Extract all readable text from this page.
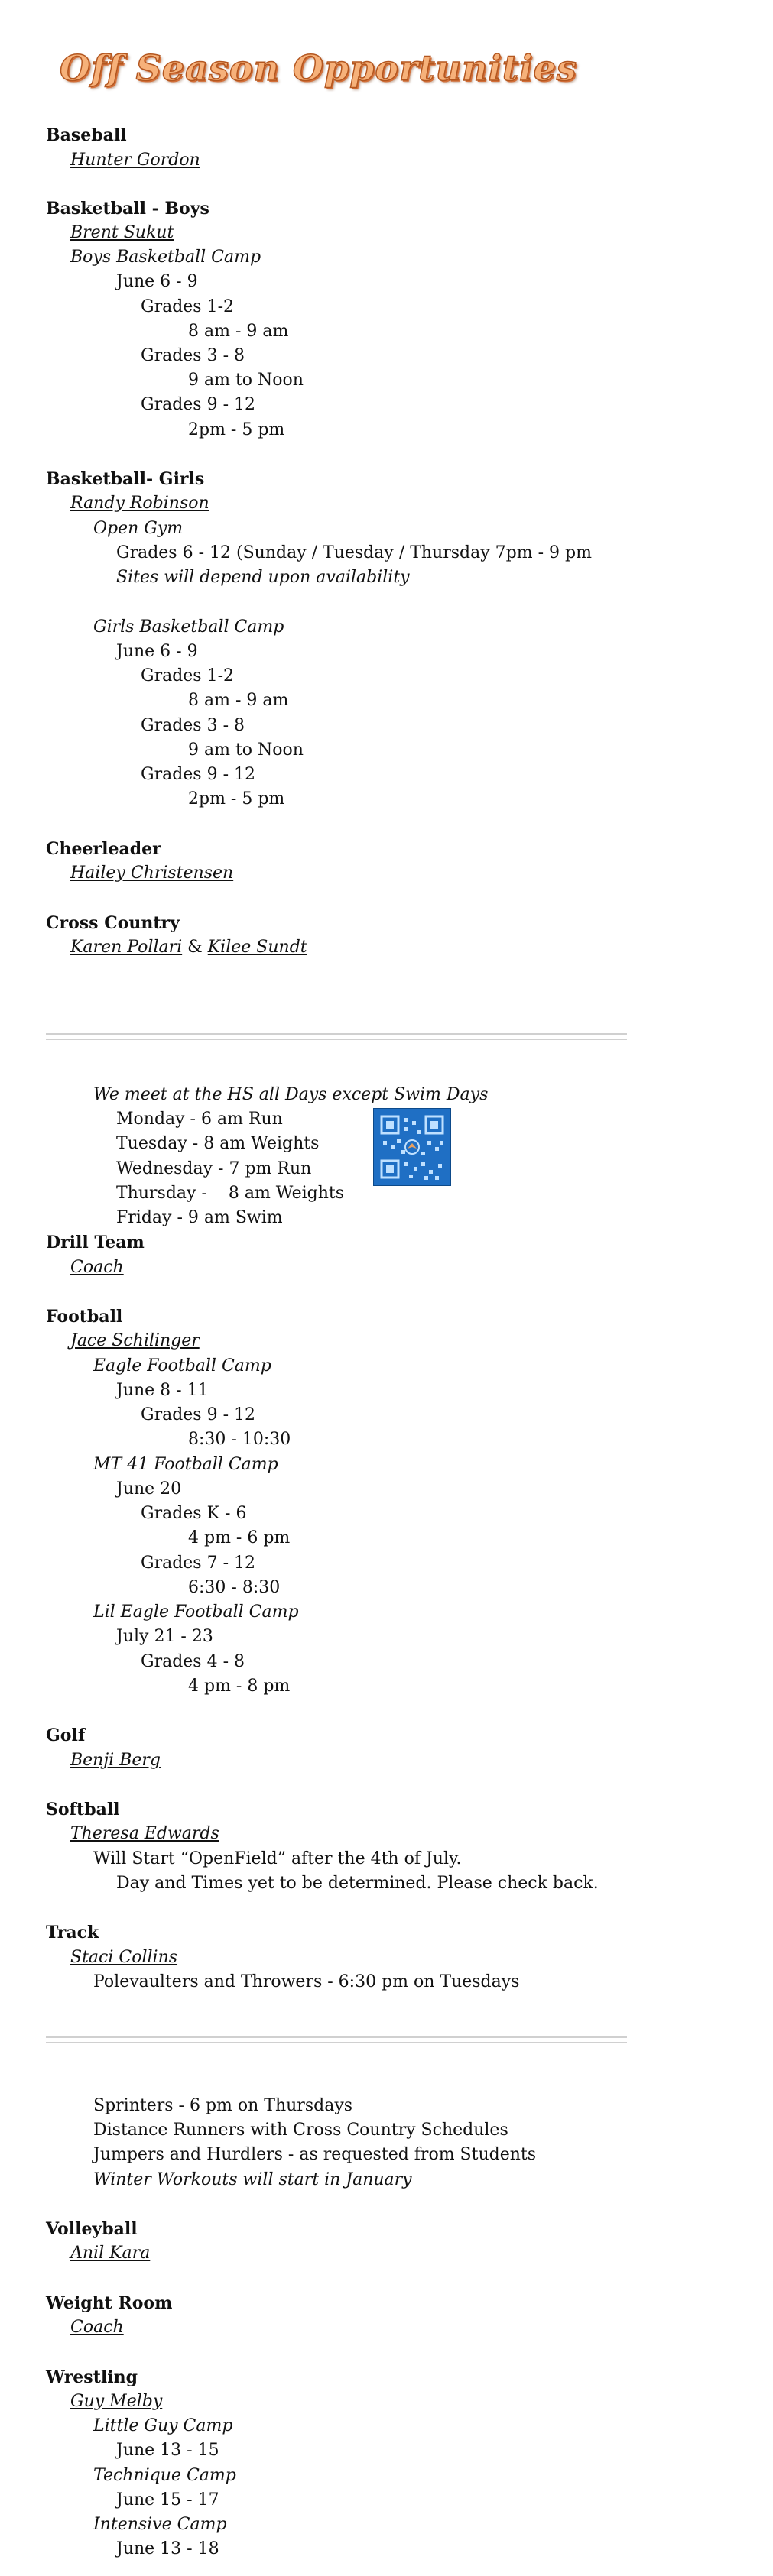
Off Season Opportunities
Baseball
Hunter Gordon
Basketball - Boys
Brent Sukut
Boys Basketball Camp
June 6 - 9
Grades 1-2
8 am - 9 am
Grades 3 - 8
9 am to Noon
Grades 9 - 12
2pm - 5 pm
Basketball- Girls
Randy Robinson
Open Gym
Grades 6 - 12 (Sunday / Tuesday / Thursday 7pm - 9 pm
Sites will depend upon availability
Girls Basketball Camp
June 6 - 9
Grades 1-2
8 am - 9 am
Grades 3 - 8
9 am to Noon
Grades 9 - 12
2pm - 5 pm
Cheerleader
Hailey Christensen
Cross Country
Karen Pollari & Kilee Sundt
We meet at the HS all Days except Swim Days
Monday - 6 am Run
Tuesday - 8 am Weights
Wednesday - 7 pm Run
Thursday -    8 am Weights
Friday - 9 am Swim
Drill Team
Coach
Football
Jace Schilinger
Eagle Football Camp
June 8 - 11
Grades 9 - 12
8:30 - 10:30
MT 41 Football Camp
June 20
Grades K - 6
4 pm - 6 pm
Grades 7 - 12
6:30 - 8:30
Lil Eagle Football Camp
July 21 - 23
Grades 4 - 8
4 pm - 8 pm
Golf
Benji Berg
Softball
Theresa Edwards
Will Start “OpenField” after the 4th of July.
Day and Times yet to be determined. Please check back.
Track
Staci Collins
Polevaulters and Throwers - 6:30 pm on Tuesdays
Sprinters - 6 pm on Thursdays
Distance Runners with Cross Country Schedules
Jumpers and Hurdlers - as requested from Students
Winter Workouts will start in January
Volleyball
Anil Kara
Weight Room
Coach
Wrestling
Guy Melby
Little Guy Camp
June 13 - 15
Technique Camp
June 15 - 17
Intensive Camp
June 13 - 18
